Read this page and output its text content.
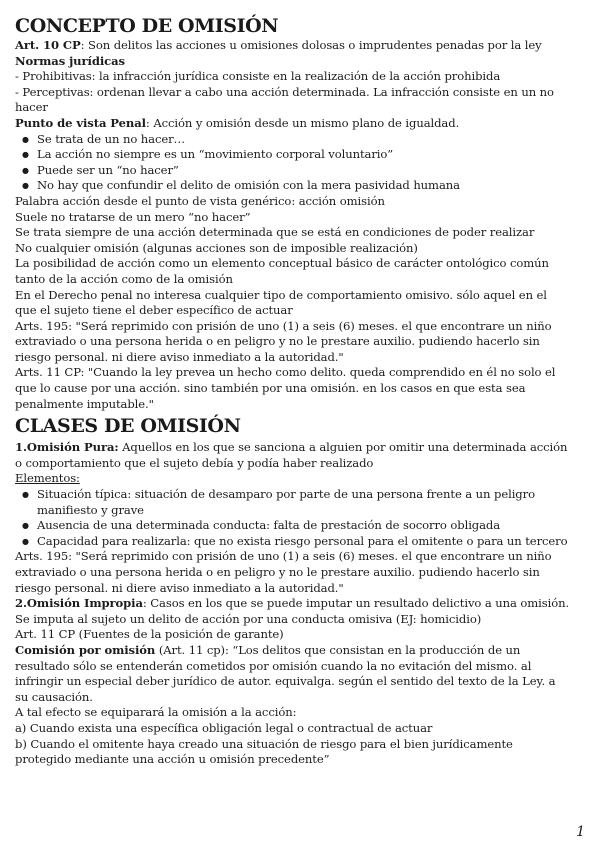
CONCEPTO DE OMISIÓN

Art. 10 CP: Son delitos las acciones u omisiones dolosas o imprudentes penadas por la ley

Normas jurídicas

- Prohibitivas: la infracción jurídica consiste en la realización de la acción prohibida

- Perceptivas: ordenan llevar a cabo una acción determinada. La infracción consiste en un no

hacer

Punto de vista Penal: Acción y omisión desde un mismo plano de igualdad.

● Se trata de un no hacer…

● La acción no siempre es un “movimiento corporal voluntario”

● Puede ser un “no hacer”

● No hay que confundir el delito de omisión con la mera pasividad humana

Palabra acción desde el punto de vista genérico: acción omisión

Suele no tratarse de un mero “no hacer”

Se trata siempre de una acción determinada que se está en condiciones de poder realizar

No cualquier omisión (algunas acciones son de imposible realización)

La posibilidad de acción como un elemento conceptual básico de carácter ontológico común

tanto de la acción como de la omisión

En el Derecho penal no interesa cualquier tipo de comportamiento omisivo. sólo aquel en el

que el sujeto tiene el deber específico de actuar

Arts. 195: "Será reprimido con prisión de uno (1) a seis (6) meses. el que encontrare un niño

extraviado o una persona herida o en peligro y no le prestare auxilio. pudiendo hacerlo sin

riesgo personal. ni diere aviso inmediato a la autoridad."

Arts. 11 CP: "Cuando la ley prevea un hecho como delito. queda comprendido en él no solo el

que lo cause por una acción. sino también por una omisión. en los casos en que esta sea

penalmente imputable."

CLASES DE OMISIÓN

1.Omisión Pura: Aquellos en los que se sanciona a alguien por omitir una determinada acción

o comportamiento que el sujeto debía y podía haber realizado

Elementos:

● Situación típica: situación de desamparo por parte de una persona frente a un peligro

manifiesto y grave

● Ausencia de una determinada conducta: falta de prestación de socorro obligada

● Capacidad para realizarla: que no exista riesgo personal para el omitente o para un tercero

Arts. 195: "Será reprimido con prisión de uno (1) a seis (6) meses. el que encontrare un niño

extraviado o una persona herida o en peligro y no le prestare auxilio. pudiendo hacerlo sin

riesgo personal. ni diere aviso inmediato a la autoridad."

2.Omisión Impropia: Casos en los que se puede imputar un resultado delictivo a una omisión.

Se imputa al sujeto un delito de acción por una conducta omisiva (EJ: homicidio)

Art. 11 CP (Fuentes de la posición de garante)

Comisión por omisión (Art. 11 cp): “Los delitos que consistan en la producción de un

resultado sólo se entenderán cometidos por omisión cuando la no evitación del mismo. al

infringir un especial deber jurídico de autor. equivalga. según el sentido del texto de la Ley. a

su causación.

A tal efecto se equiparará la omisión a la acción:

a) Cuando exista una específica obligación legal o contractual de actuar

b) Cuando el omitente haya creado una situación de riesgo para el bien jurídicamente

protegido mediante una acción u omisión precedente”

1
